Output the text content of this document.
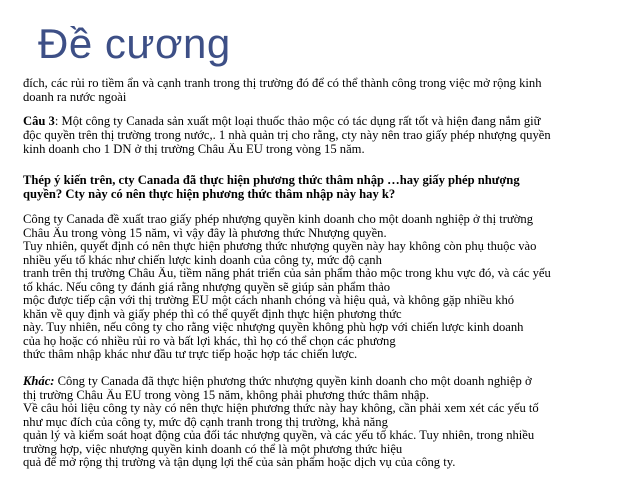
Đề cương
đích, các rủi ro tiềm ẩn và cạnh tranh trong thị trường đó để có thể thành công trong việc mở rộng kinh
doanh ra nước ngoài
Câu 3: Một công ty Canada sản xuất một loại thuốc thảo mộc có tác dụng rất tốt và hiện đang nắm giữ
độc quyền trên thị trường trong nước,. 1 nhà quản trị cho rằng, cty này nên trao giấy phép nhượng quyền
kinh doanh cho 1 DN ở thị trường Châu Âu EU trong vòng 15 năm.
Thép ý kiến trên, cty Canada đã thực hiện phương thức thâm nhập …hay giấy phép nhượng
quyền? Cty này có nên thực hiện phương thức thâm nhập này hay k?
Công ty Canada đề xuất trao giấy phép nhượng quyền kinh doanh cho một doanh nghiệp ở thị trường
Châu Âu trong vòng 15 năm, vì vậy đây là phương thức Nhượng quyền.
Tuy nhiên, quyết định có nên thực hiện phương thức nhượng quyền này hay không còn phụ thuộc vào
nhiều yếu tố khác như chiến lược kinh doanh của công ty, mức độ cạnh
tranh trên thị trường Châu Âu, tiềm năng phát triển của sản phẩm thảo mộc trong khu vực đó, và các yếu
tố khác. Nếu công ty đánh giá rằng nhượng quyền sẽ giúp sản phẩm thảo
mộc được tiếp cận với thị trường EU một cách nhanh chóng và hiệu quả, và không gặp nhiều khó
khăn về quy định và giấy phép thì có thể quyết định thực hiện phương thức
này. Tuy nhiên, nếu công ty cho rằng việc nhượng quyền không phù hợp với chiến lược kinh doanh
của họ hoặc có nhiều rủi ro và bất lợi khác, thì họ có thể chọn các phương
thức thâm nhập khác như đầu tư trực tiếp hoặc hợp tác chiến lược.
Khác: Công ty Canada đã thực hiện phương thức nhượng quyền kinh doanh cho một doanh nghiệp ở
thị trường Châu Âu EU trong vòng 15 năm, không phải phương thức thâm nhập.
Về câu hỏi liệu công ty này có nên thực hiện phương thức này hay không, cần phải xem xét các yếu tố
như mục đích của công ty, mức độ cạnh tranh trong thị trường, khả năng
quản lý và kiểm soát hoạt động của đối tác nhượng quyền, và các yếu tố khác. Tuy nhiên, trong nhiều
trường hợp, việc nhượng quyền kinh doanh có thể là một phương thức hiệu
quả để mở rộng thị trường và tận dụng lợi thế của sản phẩm hoặc dịch vụ của công ty.
